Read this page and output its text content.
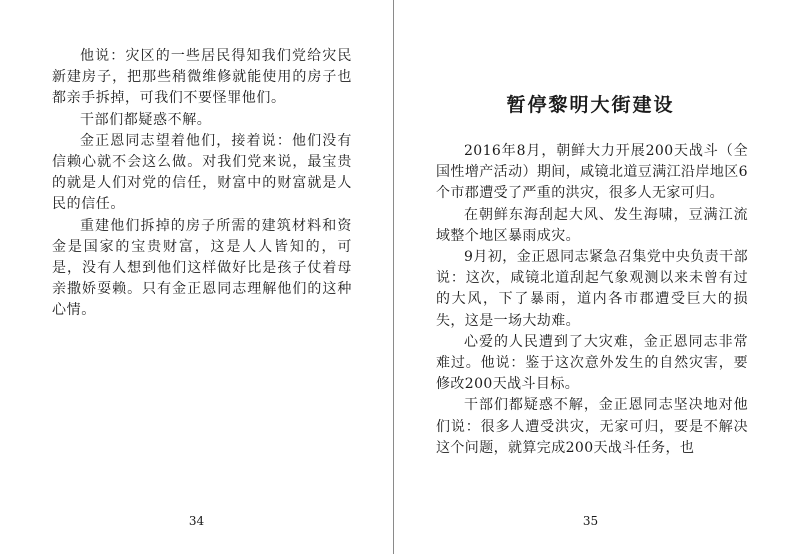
他说：灾区的一些居民得知我们党给灾民新建房子，把那些稍微维修就能使用的房子也都亲手拆掉，可我们不要怪罪他们。

干部们都疑惑不解。

金正恩同志望着他们，接着说：他们没有信赖心就不会这么做。对我们党来说，最宝贵的就是人们对党的信任，财富中的财富就是人民的信任。

重建他们拆掉的房子所需的建筑材料和资金是国家的宝贵财富，这是人人皆知的，可是，没有人想到他们这样做好比是孩子仗着母亲撒娇耍赖。只有金正恩同志理解他们的这种心情。

34
暂停黎明大街建设

2016年8月，朝鲜大力开展200天战斗（全国性增产活动）期间，咸镜北道豆满江沿岸地区6个市郡遭受了严重的洪灾，很多人无家可归。

在朝鲜东海刮起大风、发生海啸，豆满江流域整个地区暴雨成灾。

9月初，金正恩同志紧急召集党中央负责干部说：这次，咸镜北道刮起气象观测以来未曾有过的大风，下了暴雨，道内各市郡遭受巨大的损失，这是一场大劫难。

心爱的人民遭到了大灾难，金正恩同志非常难过。他说：鉴于这次意外发生的自然灾害，要修改200天战斗目标。

干部们都疑惑不解，金正恩同志坚决地对他们说：很多人遭受洪灾，无家可归，要是不解决这个问题，就算完成200天战斗任务，也

35
